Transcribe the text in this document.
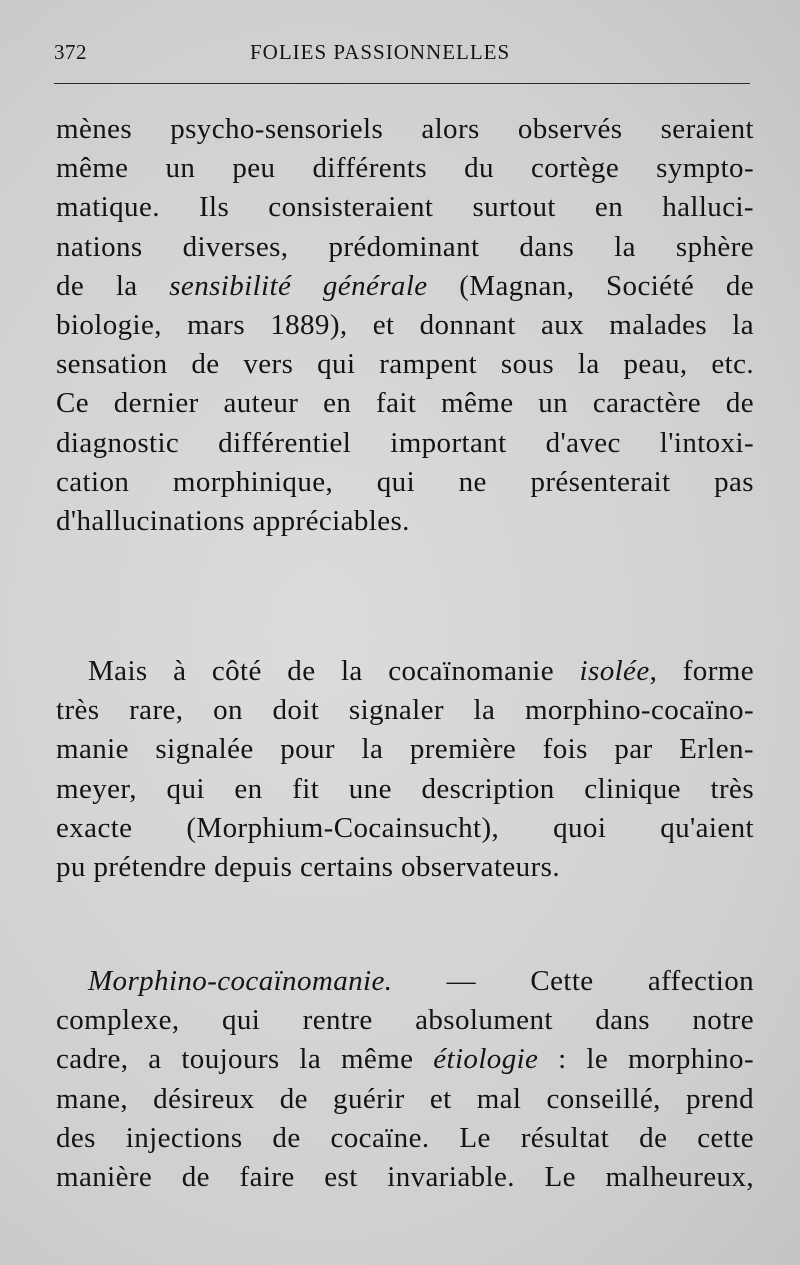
372	FOLIES PASSIONNELLES
mènes psycho-sensoriels alors observés seraient
même un peu différents du cortège sympto-
matique. Ils consisteraient surtout en halluci-
nations diverses, prédominant dans la sphère
de la sensibilité générale (Magnan, Société de
biologie, mars 1889), et donnant aux malades la
sensation de vers qui rampent sous la peau, etc.
Ce dernier auteur en fait même un caractère de
diagnostic différentiel important d'avec l'intoxi-
cation morphinique, qui ne présenterait pas
d'hallucinations appréciables.
Mais à côté de la cocaïnomanie isolée, forme
très rare, on doit signaler la morphino-cocaïno-
manie signalée pour la première fois par Erlen-
meyer, qui en fit une description clinique très
exacte (Morphium-Cocainsucht), quoi qu'aient
pu prétendre depuis certains observateurs.
Morphino-cocaïnomanie. — Cette affection
complexe, qui rentre absolument dans notre
cadre, a toujours la même étiologie : le morphino-
mane, désireux de guérir et mal conseillé, prend
des injections de cocaïne. Le résultat de cette
manière de faire est invariable. Le malheureux,
